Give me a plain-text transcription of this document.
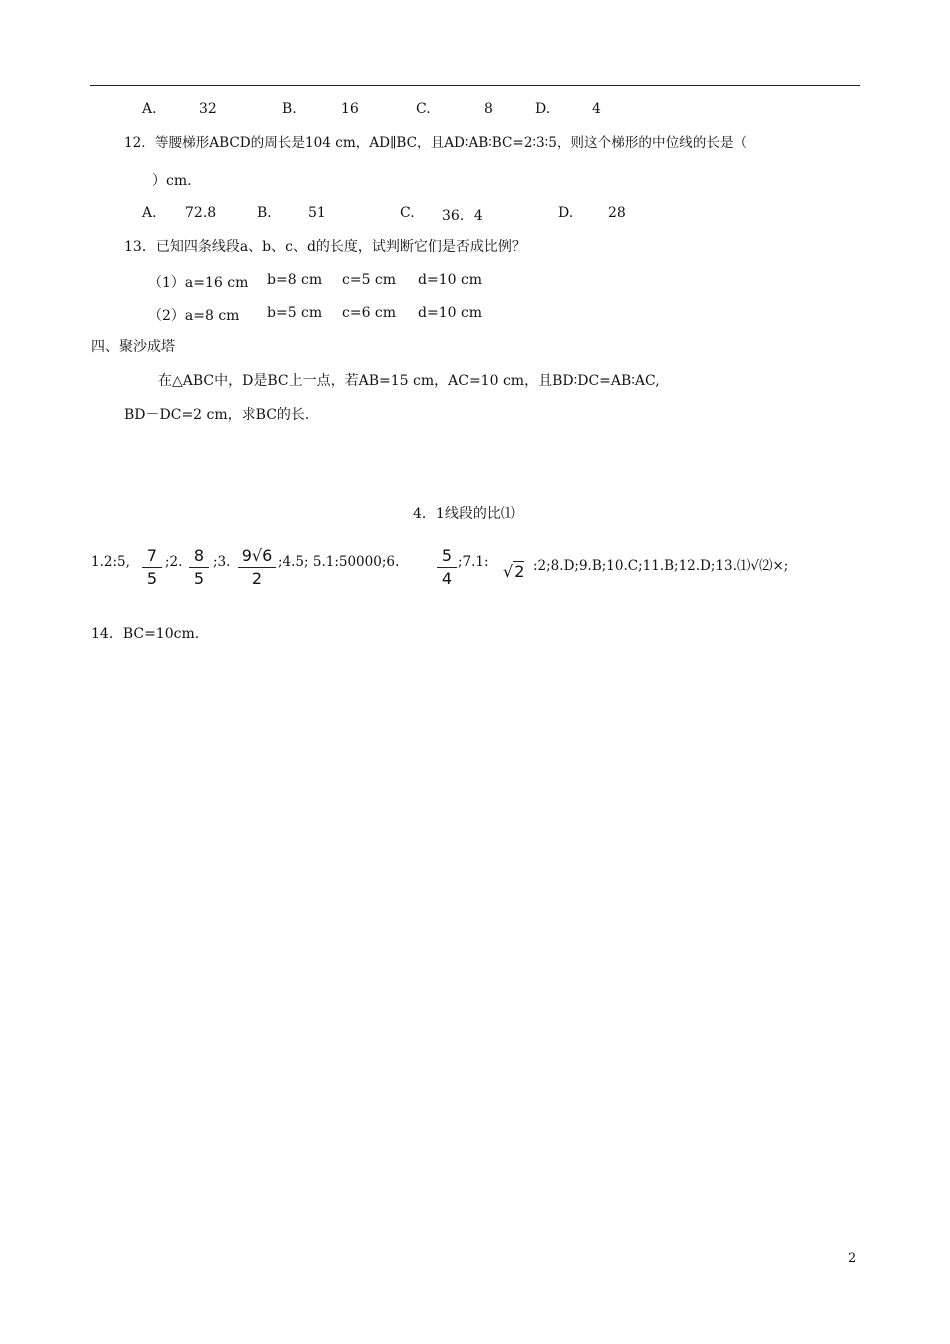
A.	32	B.	16	C.	8	D.	4
12．等腰梯形ABCD的周长是104 cm，AD∥BC，且AD∶AB∶BC=2∶3∶5，则这个梯形的中位线的长是（
）cm.
A. 72.8	B.	51	C. 36．4	D. 28
13．已知四条线段a、b、c、d的长度，试判断它们是否成比例？
（1）a=16 cm b=8 cm c=5 cm d=10 cm
（2）a=8 cm b=5 cm c=6 cm d=10 cm
四、聚沙成塔
在△ABC中，D是BC上一点，若AB=15 cm，AC=10 cm，且BD∶DC=AB∶AC,
BD－DC=2 cm，求BC的长.
4．1线段的比⑴
1.2:5,	7
5
;2. 8
5
;3. 9√6
2
;4.5; 5.1:50000;6.	5
4
;7.1: √2 :2;8.D;9.B;10.C;11.B;12.D;13.⑴√⑵×;
14．BC=10cm.
2
